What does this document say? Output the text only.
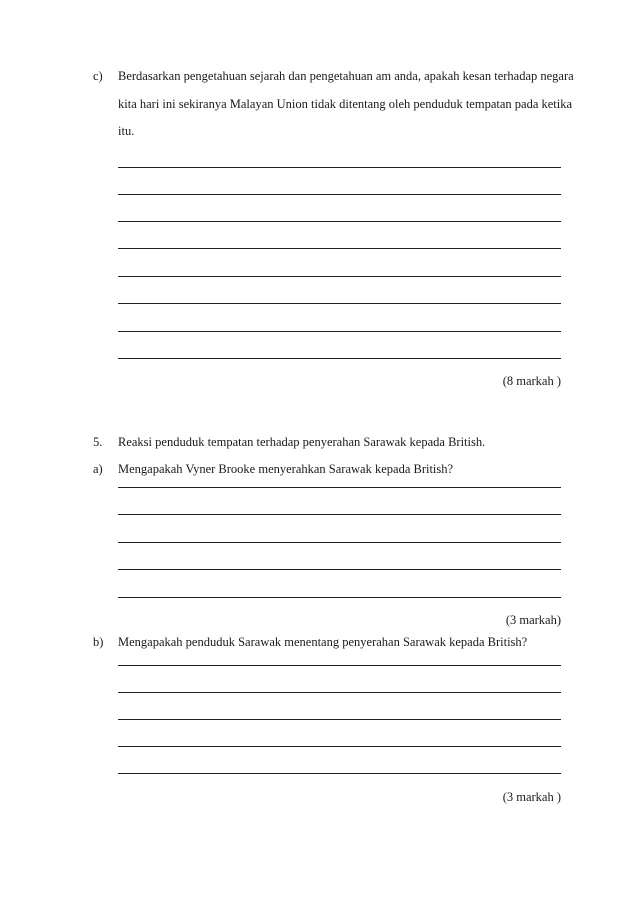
c) Berdasarkan pengetahuan sejarah dan pengetahuan am anda, apakah kesan terhadap negara
kita hari ini sekiranya Malayan Union tidak ditentang oleh penduduk tempatan pada ketika
itu.
(8 markah )
5. Reaksi penduduk tempatan terhadap penyerahan Sarawak kepada British.
a) Mengapakah Vyner Brooke menyerahkan Sarawak kepada British?
(3 markah)
b) Mengapakah penduduk Sarawak menentang penyerahan Sarawak kepada British?
(3 markah )
